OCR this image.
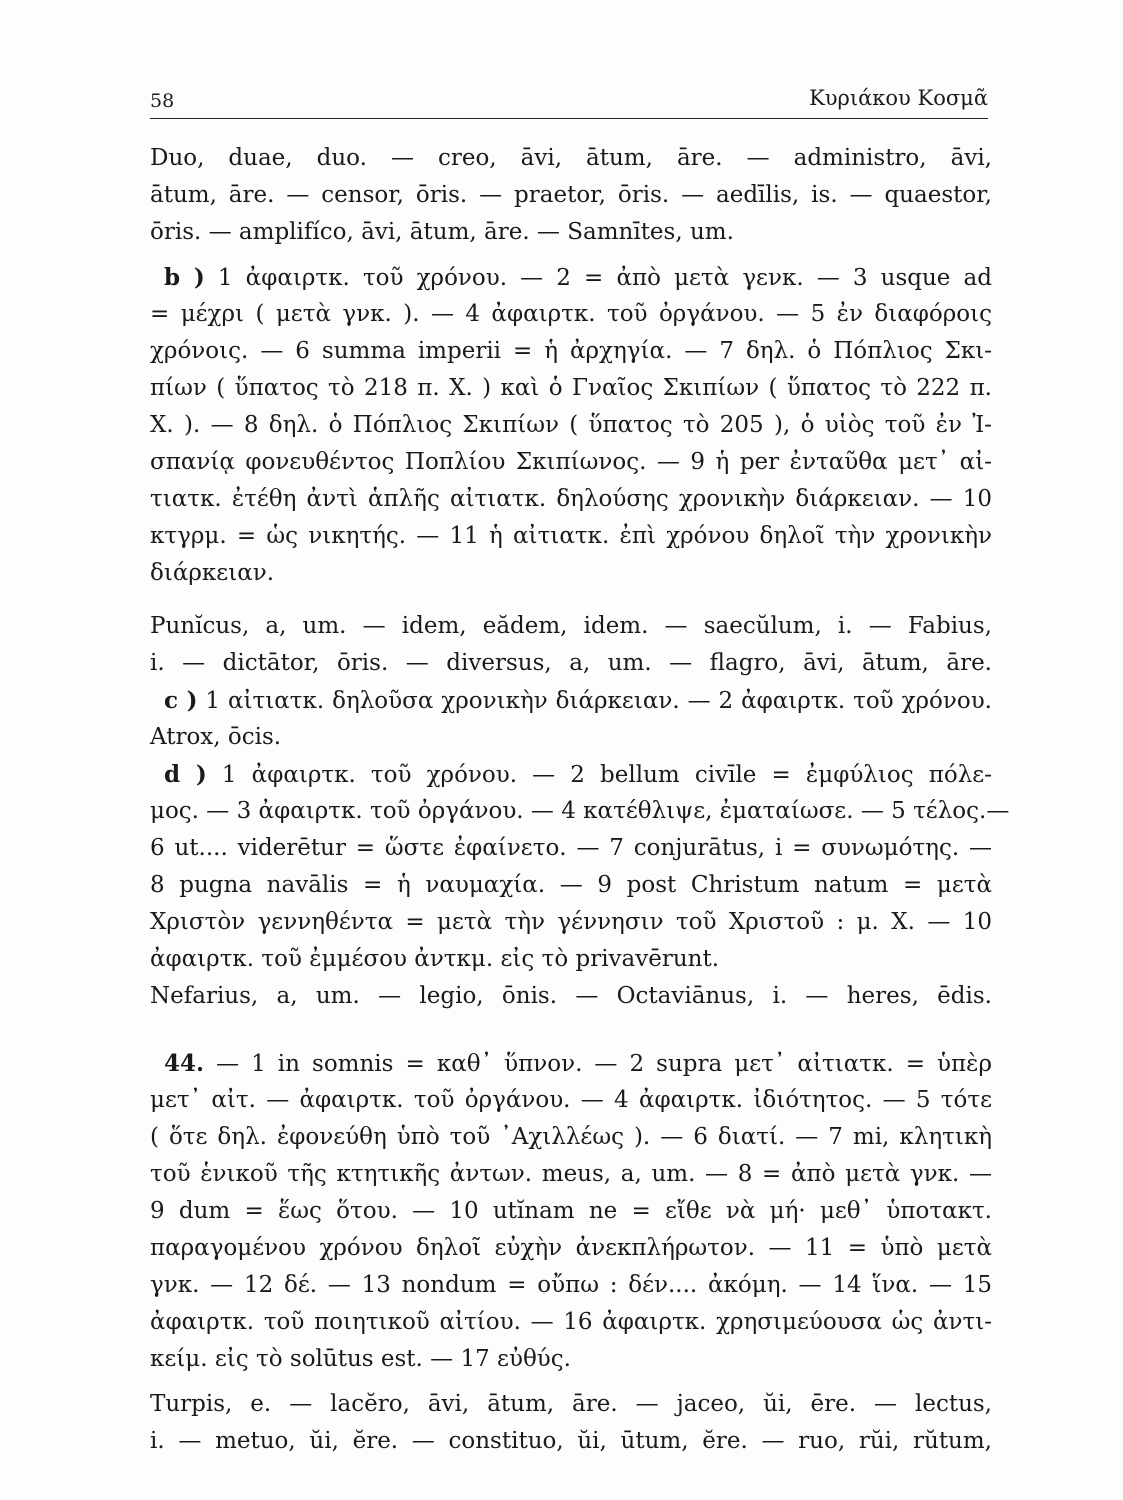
58	Κυριάκου Κοσμᾶ
Duo, duae, duo. — creo, āvi, ātum, āre. — administro, āvi,
ātum, āre. — censor, ōris. — praetor, ōris. — aedīlis, is. — quaestor,
ōris. — amplifíco, āvi, ātum, āre. — Samnītes, um.
b ) 1 ἀφαιρτκ. τοῦ χρόνου. — 2 = ἀπὸ μετὰ γενκ. — 3 usque ad
= μέχρι ( μετὰ γνκ. ). — 4 ἀφαιρτκ. τοῦ ὀργάνου. — 5 ἐν διαφόροις
χρόνοις. — 6 summa imperii = ἡ ἀρχηγία. — 7 δηλ. ὁ Πόπλιος Σκι-
πίων ( ὕπατος τὸ 218 π. Χ. ) καὶ ὁ Γναῖος Σκιπίων ( ὕπατος τὸ 222 π.
Χ. ). — 8 δηλ. ὁ Πόπλιος Σκιπίων ( ὕπατος τὸ 205 ), ὁ υἱὸς τοῦ ἐν Ἰ-
σπανίᾳ φονευθέντος Ποπλίου Σκιπίωνος. — 9 ἡ per ἐνταῦθα μετ᾽ αἰ-
τιατκ. ἐτέθη ἀντὶ ἁπλῆς αἰτιατκ. δηλούσης χρονικὴν διάρκειαν. — 10
κτγρμ. = ὡς νικητής. — 11 ἡ αἰτιατκ. ἐπὶ χρόνου δηλοῖ τὴν χρονικὴν
διάρκειαν.
Punĭcus, a, um. — idem, eădem, idem. — saecŭlum, i. — Fabius,
i. — dictātor, ōris. — diversus, a, um. — flagro, āvi, ātum, āre.
c ) 1 αἰτιατκ. δηλοῦσα χρονικὴν διάρκειαν. — 2 ἀφαιρτκ. τοῦ χρόνου.
Atrox, ōcis.
d ) 1 ἀφαιρτκ. τοῦ χρόνου. — 2 bellum civīle = ἐμφύλιος πόλε-
μος. — 3 ἀφαιρτκ. τοῦ ὀργάνου. — 4 κατέθλιψε, ἐματαίωσε. — 5 τέλος.—
6 ut.... viderētur = ὥστε ἐφαίνετο. — 7 conjurātus, i = συνωμότης. —
8 pugna navālis = ἡ ναυμαχία. — 9 post Christum natum = μετὰ
Χριστὸν γεννηθέντα = μετὰ τὴν γέννησιν τοῦ Χριστοῦ : μ. Χ. — 10
ἀφαιρτκ. τοῦ ἐμμέσου ἀντκμ. εἰς τὸ privavērunt.
Nefarius, a, um. — legio, ōnis. — Octaviānus, i. — heres, ēdis.
44. — 1 in somnis = καθ᾽ ὕπνον. — 2 supra μετ᾽ αἰτιατκ. = ὑπὲρ
μετ᾽ αἰτ. — ἀφαιρτκ. τοῦ ὀργάνου. — 4 ἀφαιρτκ. ἰδιότητος. — 5 τότε
( ὅτε δηλ. ἐφονεύθη ὑπὸ τοῦ ᾿Αχιλλέως ). — 6 διατί. — 7 mi, κλητικὴ
τοῦ ἑνικοῦ τῆς κτητικῆς ἀντων. meus, a, um. — 8 = ἀπὸ μετὰ γνκ. —
9 dum = ἕως ὅτου. — 10 utĭnam ne = εἴθε νὰ μή· μεθ᾽ ὑποτακτ.
παραγομένου χρόνου δηλοῖ εὐχὴν ἀνεκπλήρωτον. — 11 = ὑπὸ μετὰ
γνκ. — 12 δέ. — 13 nondum = οὔπω : δέν.... ἀκόμη. — 14 ἵνα. — 15
ἀφαιρτκ. τοῦ ποιητικοῦ αἰτίου. — 16 ἀφαιρτκ. χρησιμεύουσα ὡς ἀντι-
κείμ. εἰς τὸ solūtus est. — 17 εὐθύς.
Turpis, e. — lacĕro, āvi, ātum, āre. — jaceo, ŭi, ēre. — lectus,
i. — metuo, ŭi, ĕre. — constituo, ŭi, ūtum, ĕre. — ruo, rŭi, rŭtum,
